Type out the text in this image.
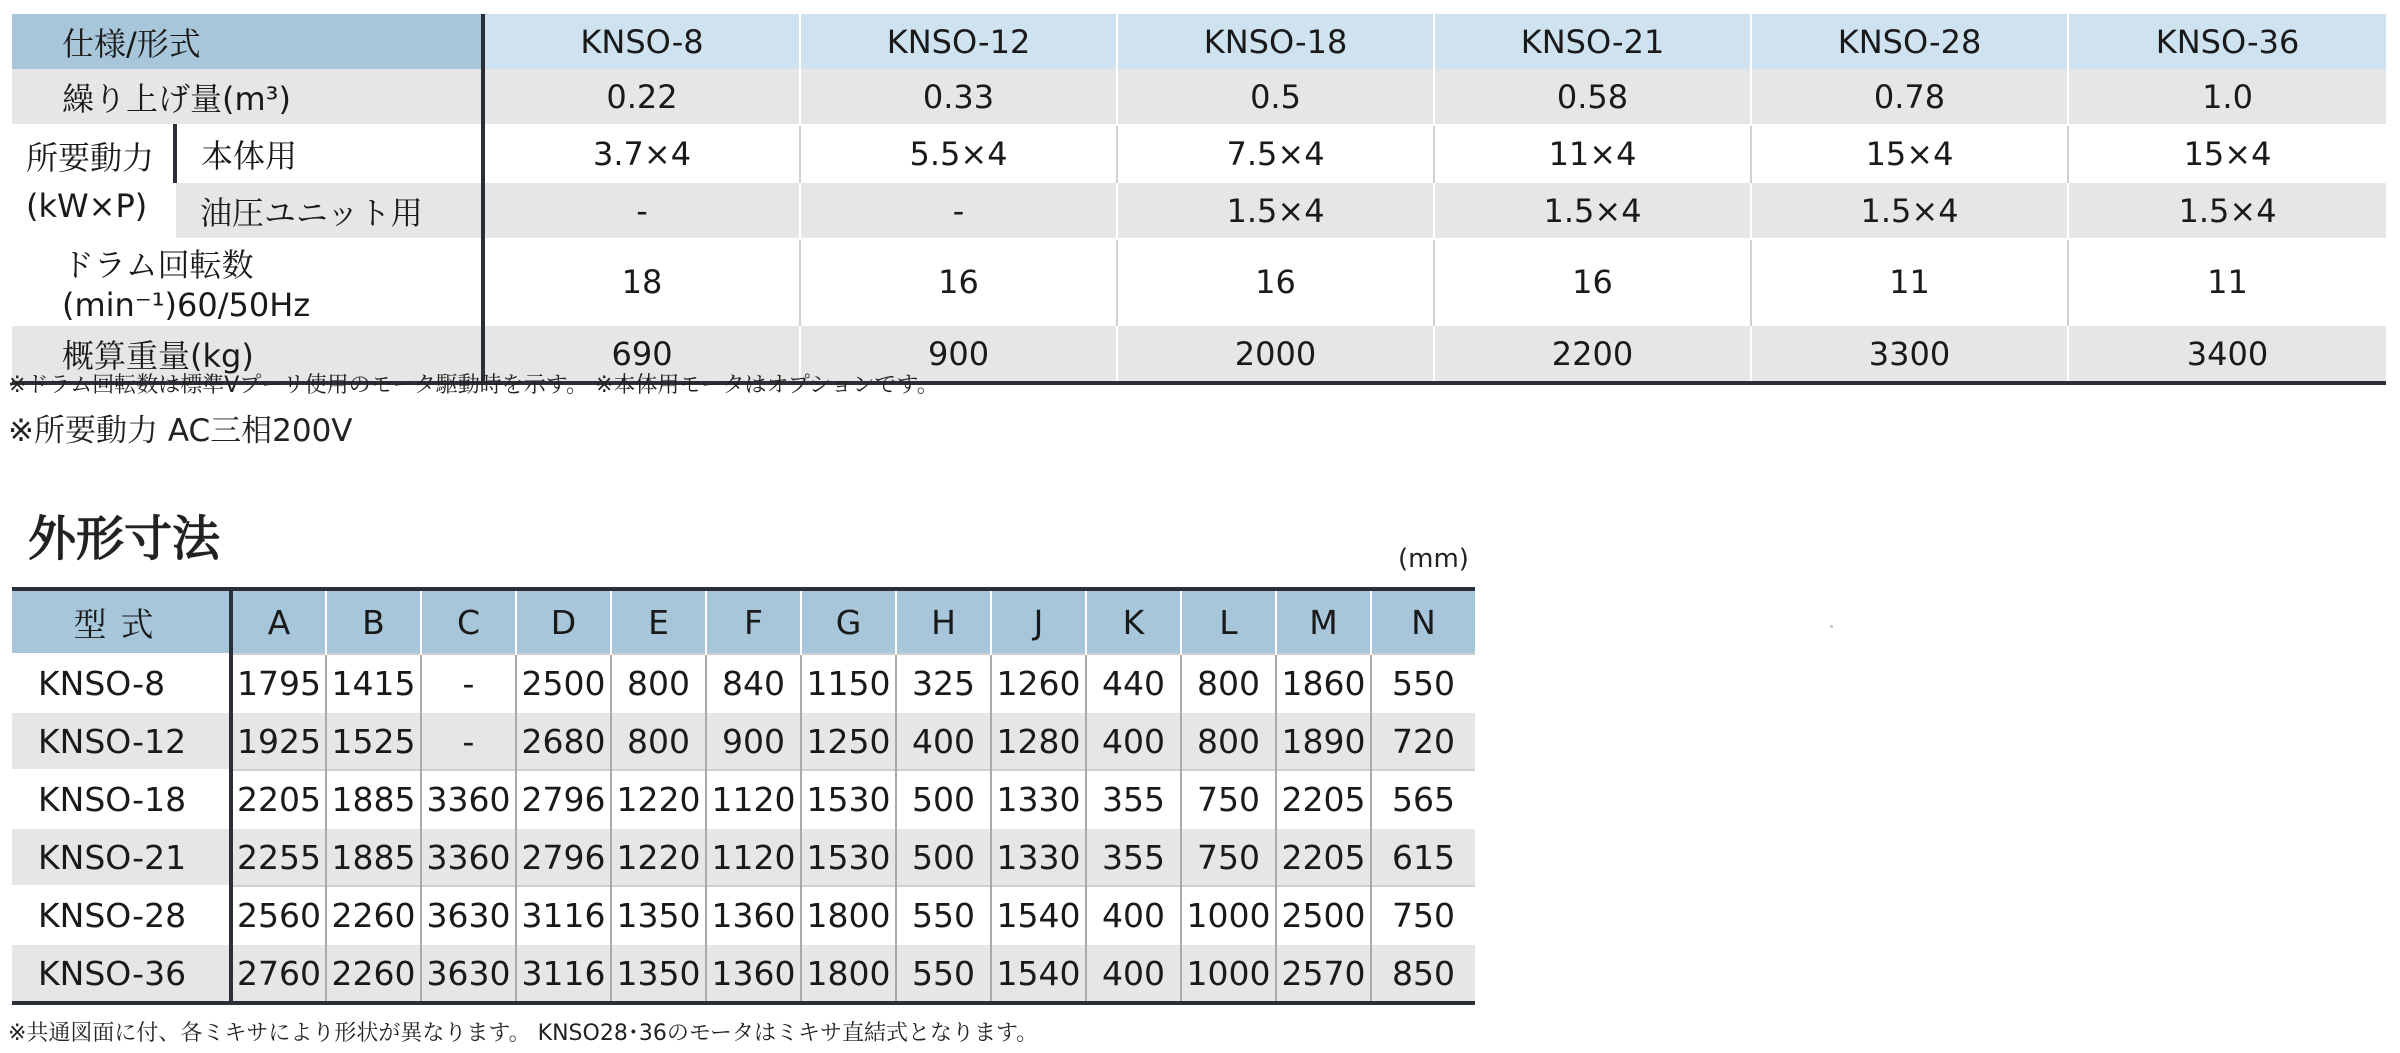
仕様/形式		KNSO-8	KNSO-12	KNSO-18	KNSO-21	KNSO-28	KNSO-36
繰り上げ量(m³)		0.22	0.33	0.5	0.58	0.78	1.0
所要動力
(kW×P)	本体用	3.7×4	5.5×4	7.5×4	11×4	15×4	15×4
	油圧ユニット用	-	-	1.5×4	1.5×4	1.5×4	1.5×4
ドラム回転数(min⁻¹)60/50Hz		18	16	16	16	11	11
概算重量(kg)		690	900	2000	2200	3300	3400
※ドラム回転数は標準Vプーリ使用のモータ駆動時を示す。 ※本体用モータはオプションです。
※所要動力 AC三相200V
外形寸法	(mm)
型式	A	B	C	D	E	F	G	H	J	K	L	M	N
KNSO-8	1795	1415	-	2500	800	840	1150	325	1260	440	800	1860	550
KNSO-12	1925	1525	-	2680	800	900	1250	400	1280	400	800	1890	720
KNSO-18	2205	1885	3360	2796	1220	1120	1530	500	1330	355	750	2205	565
KNSO-21	2255	1885	3360	2796	1220	1120	1530	500	1330	355	750	2205	615
KNSO-28	2560	2260	3630	3116	1350	1360	1800	550	1540	400	1000	2500	750
KNSO-36	2760	2260	3630	3116	1350	1360	1800	550	1540	400	1000	2570	850
※共通図面に付、各ミキサにより形状が異なります。 KNSO28･36のモータはミキサ直結式となります。
